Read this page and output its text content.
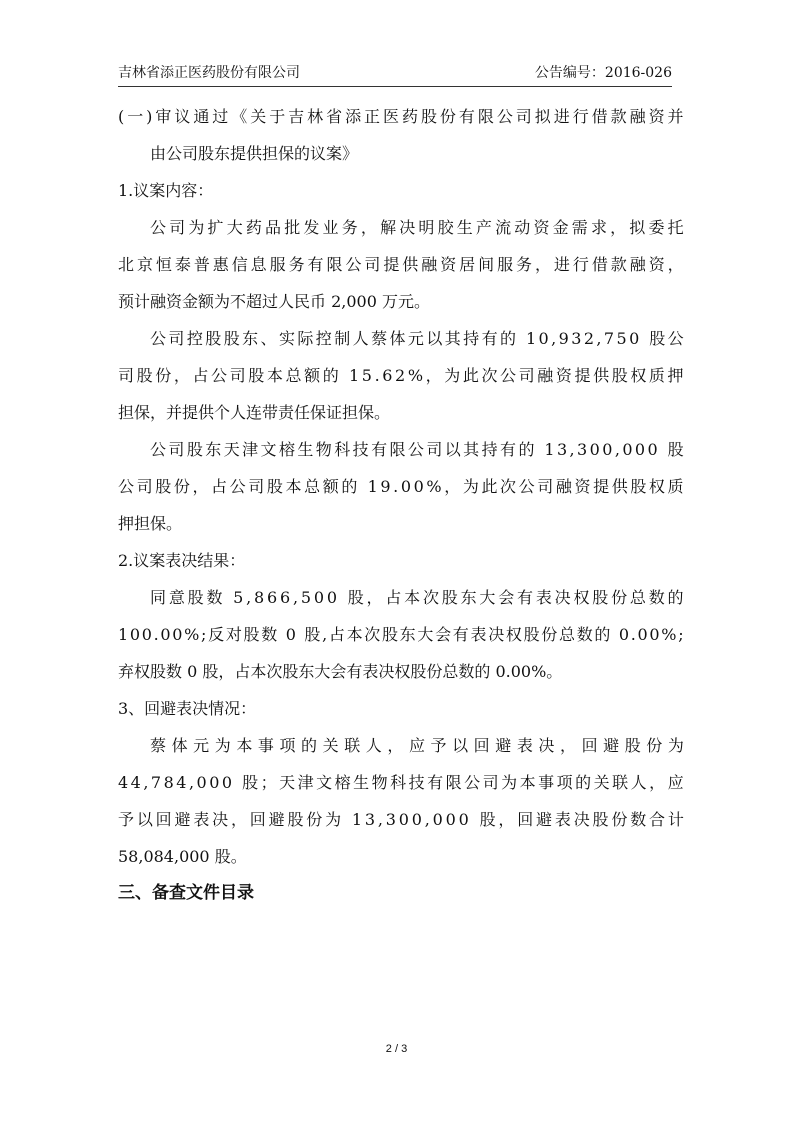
吉林省添正医药股份有限公司	公告编号：2016-026
( 一 ) 审 议 通 过 《 关 于 吉 林 省 添 正 医 药 股 份 有 限 公 司 拟 进 行 借 款 融 资 并
由公司股东提供担保的议案》
1.议案内容：
公 司 为 扩 大 药 品 批 发 业 务 ， 解 决 明 胶 生 产 流 动 资 金 需 求 ， 拟 委 托
北 京 恒 泰 普 惠 信 息 服 务 有 限 公 司 提 供 融 资 居 间 服 务 ， 进 行 借 款 融 资 ，
预计融资金额为不超过人民币 2,000 万元。
公 司 控 股 股 东 、 实 际 控 制 人 蔡 体 元 以 其 持 有 的
1 0 , 9 3 2 , 7 5 0
股 公
司 股 份 ， 占 公 司 股 本 总 额 的
1 5 . 6 2 % ， 为 此 次 公 司 融 资 提 供 股 权 质 押
担保，并提供个人连带责任保证担保。
公 司 股 东 天 津 文 榕 生 物 科 技 有 限 公 司 以 其 持 有 的
1 3 , 3 0 0 , 0 0 0
股
公 司 股 份 ， 占 公 司 股 本 总 额 的
1 9 . 0 0 % ， 为 此 次 公 司 融 资 提 供 股 权 质
押担保。
2.议案表决结果：
同 意 股 数
5 , 8 6 6 , 5 0 0
股 ， 占 本 次 股 东 大 会 有 表 决 权 股 份 总 数 的
1 0 0 . 0 0 % ; 反 对 股 数
0
股 , 占 本 次 股 东 大 会 有 表 决 权 股 份 总 数 的
0 . 0 0 % ;
弃权股数 0 股，占本次股东大会有表决权股份总数的 0.00%。
3、回避表决情况：
蔡 体 元 为 本 事 项 的 关 联 人 ， 应 予 以 回 避 表 决 ， 回 避 股 份 为
4 4 , 7 8 4 , 0 0 0
股 ； 天 津 文 榕 生 物 科 技 有 限 公 司 为 本 事 项 的 关 联 人 ， 应
予 以 回 避 表 决 ， 回 避 股 份 为
1 3 , 3 0 0 , 0 0 0
股 ， 回 避 表 决 股 份 数 合 计
58,084,000 股。
三、备查文件目录
2 / 3
